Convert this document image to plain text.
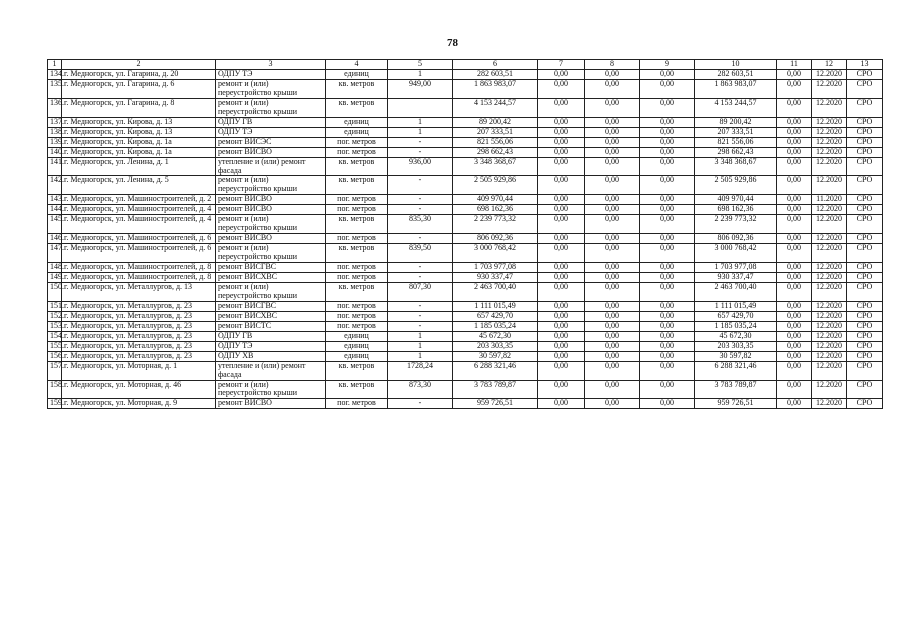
78
1	2	3	4	5	6	7	8	9	10	11	12	13
134.	г. Медногорск, ул. Гагарина, д. 20	ОДПУ ТЭ	единиц	1	282 603,51	0,00	0,00	0,00	282 603,51	0,00	12.2020	СРО
135.	г. Медногорск, ул. Гагарина, д. 6	ремонт и (или) переустройство крыши	кв. метров	949,00	1 863 983,07	0,00	0,00	0,00	1 863 983,07	0,00	12.2020	СРО
136.	г. Медногорск, ул. Гагарина, д. 8	ремонт и (или) переустройство крыши	кв. метров		4 153 244,57	0,00	0,00	0,00	4 153 244,57	0,00	12.2020	СРО
137.	г. Медногорск, ул. Кирова, д. 13	ОДПУ ГВ	единиц	1	89 200,42	0,00	0,00	0,00	89 200,42	0,00	12.2020	СРО
138.	г. Медногорск, ул. Кирова, д. 13	ОДПУ ТЭ	единиц	1	207 333,51	0,00	0,00	0,00	207 333,51	0,00	12.2020	СРО
139.	г. Медногорск, ул. Кирова, д. 1а	ремонт ВИСЭС	пог. метров	-	821 556,06	0,00	0,00	0,00	821 556,06	0,00	12.2020	СРО
140.	г. Медногорск, ул. Кирова, д. 1а	ремонт ВИСВО	пог. метров	-	298 662,43	0,00	0,00	0,00	298 662,43	0,00	12.2020	СРО
141.	г. Медногорск, ул. Ленина, д. 1	утепление и (или) ремонт фасада	кв. метров	936,00	3 348 368,67	0,00	0,00	0,00	3 348 368,67	0,00	12.2020	СРО
142.	г. Медногорск, ул. Ленина, д. 5	ремонт и (или) переустройство крыши	кв. метров	-	2 505 929,86	0,00	0,00	0,00	2 505 929,86	0,00	12.2020	СРО
143.	г. Медногорск, ул. Машиностроителей, д. 2	ремонт ВИСВО	пог. метров	-	409 970,44	0,00	0,00	0,00	409 970,44	0,00	11.2020	СРО
144.	г. Медногорск, ул. Машиностроителей, д. 4	ремонт ВИСВО	пог. метров	-	698 162,36	0,00	0,00	0,00	698 162,36	0,00	12.2020	СРО
145.	г. Медногорск, ул. Машиностроителей, д. 4	ремонт и (или) переустройство крыши	кв. метров	835,30	2 239 773,32	0,00	0,00	0,00	2 239 773,32	0,00	12.2020	СРО
146.	г. Медногорск, ул. Машиностроителей, д. 6	ремонт ВИСВО	пог. метров	-	806 092,36	0,00	0,00	0,00	806 092,36	0,00	12.2020	СРО
147.	г. Медногорск, ул. Машиностроителей, д. 6	ремонт и (или) переустройство крыши	кв. метров	839,50	3 000 768,42	0,00	0,00	0,00	3 000 768,42	0,00	12.2020	СРО
148.	г. Медногорск, ул. Машиностроителей, д. 8	ремонт ВИСГВС	пог. метров	-	1 703 977,08	0,00	0,00	0,00	1 703 977,08	0,00	12.2020	СРО
149.	г. Медногорск, ул. Машиностроителей, д. 8	ремонт ВИСХВС	пог. метров	-	930 337,47	0,00	0,00	0,00	930 337,47	0,00	12.2020	СРО
150.	г. Медногорск, ул. Металлургов, д. 13	ремонт и (или) переустройство крыши	кв. метров	807,30	2 463 700,40	0,00	0,00	0,00	2 463 700,40	0,00	12.2020	СРО
151.	г. Медногорск, ул. Металлургов, д. 23	ремонт ВИСГВС	пог. метров	-	1 111 015,49	0,00	0,00	0,00	1 111 015,49	0,00	12.2020	СРО
152.	г. Медногорск, ул. Металлургов, д. 23	ремонт ВИСХВС	пог. метров	-	657 429,70	0,00	0,00	0,00	657 429,70	0,00	12.2020	СРО
153.	г. Медногорск, ул. Металлургов, д. 23	ремонт ВИСТС	пог. метров	-	1 185 035,24	0,00	0,00	0,00	1 185 035,24	0,00	12.2020	СРО
154.	г. Медногорск, ул. Металлургов, д. 23	ОДПУ ГВ	единиц	1	45 672,30	0,00	0,00	0,00	45 672,30	0,00	12.2020	СРО
155.	г. Медногорск, ул. Металлургов, д. 23	ОДПУ ТЭ	единиц	1	203 303,35	0,00	0,00	0,00	203 303,35	0,00	12.2020	СРО
156.	г. Медногорск, ул. Металлургов, д. 23	ОДПУ ХВ	единиц	1	30 597,82	0,00	0,00	0,00	30 597,82	0,00	12.2020	СРО
157.	г. Медногорск, ул. Моторная, д. 1	утепление и (или) ремонт фасада	кв. метров	1728,24	6 288 321,46	0,00	0,00	0,00	6 288 321,46	0,00	12.2020	СРО
158.	г. Медногорск, ул. Моторная, д. 46	ремонт и (или) переустройство крыши	кв. метров	873,30	3 783 789,87	0,00	0,00	0,00	3 783 789,87	0,00	12.2020	СРО
159.	г. Медногорск, ул. Моторная, д. 9	ремонт ВИСВО	пог. метров	-	959 726,51	0,00	0,00	0,00	959 726,51	0,00	12.2020	СРО
